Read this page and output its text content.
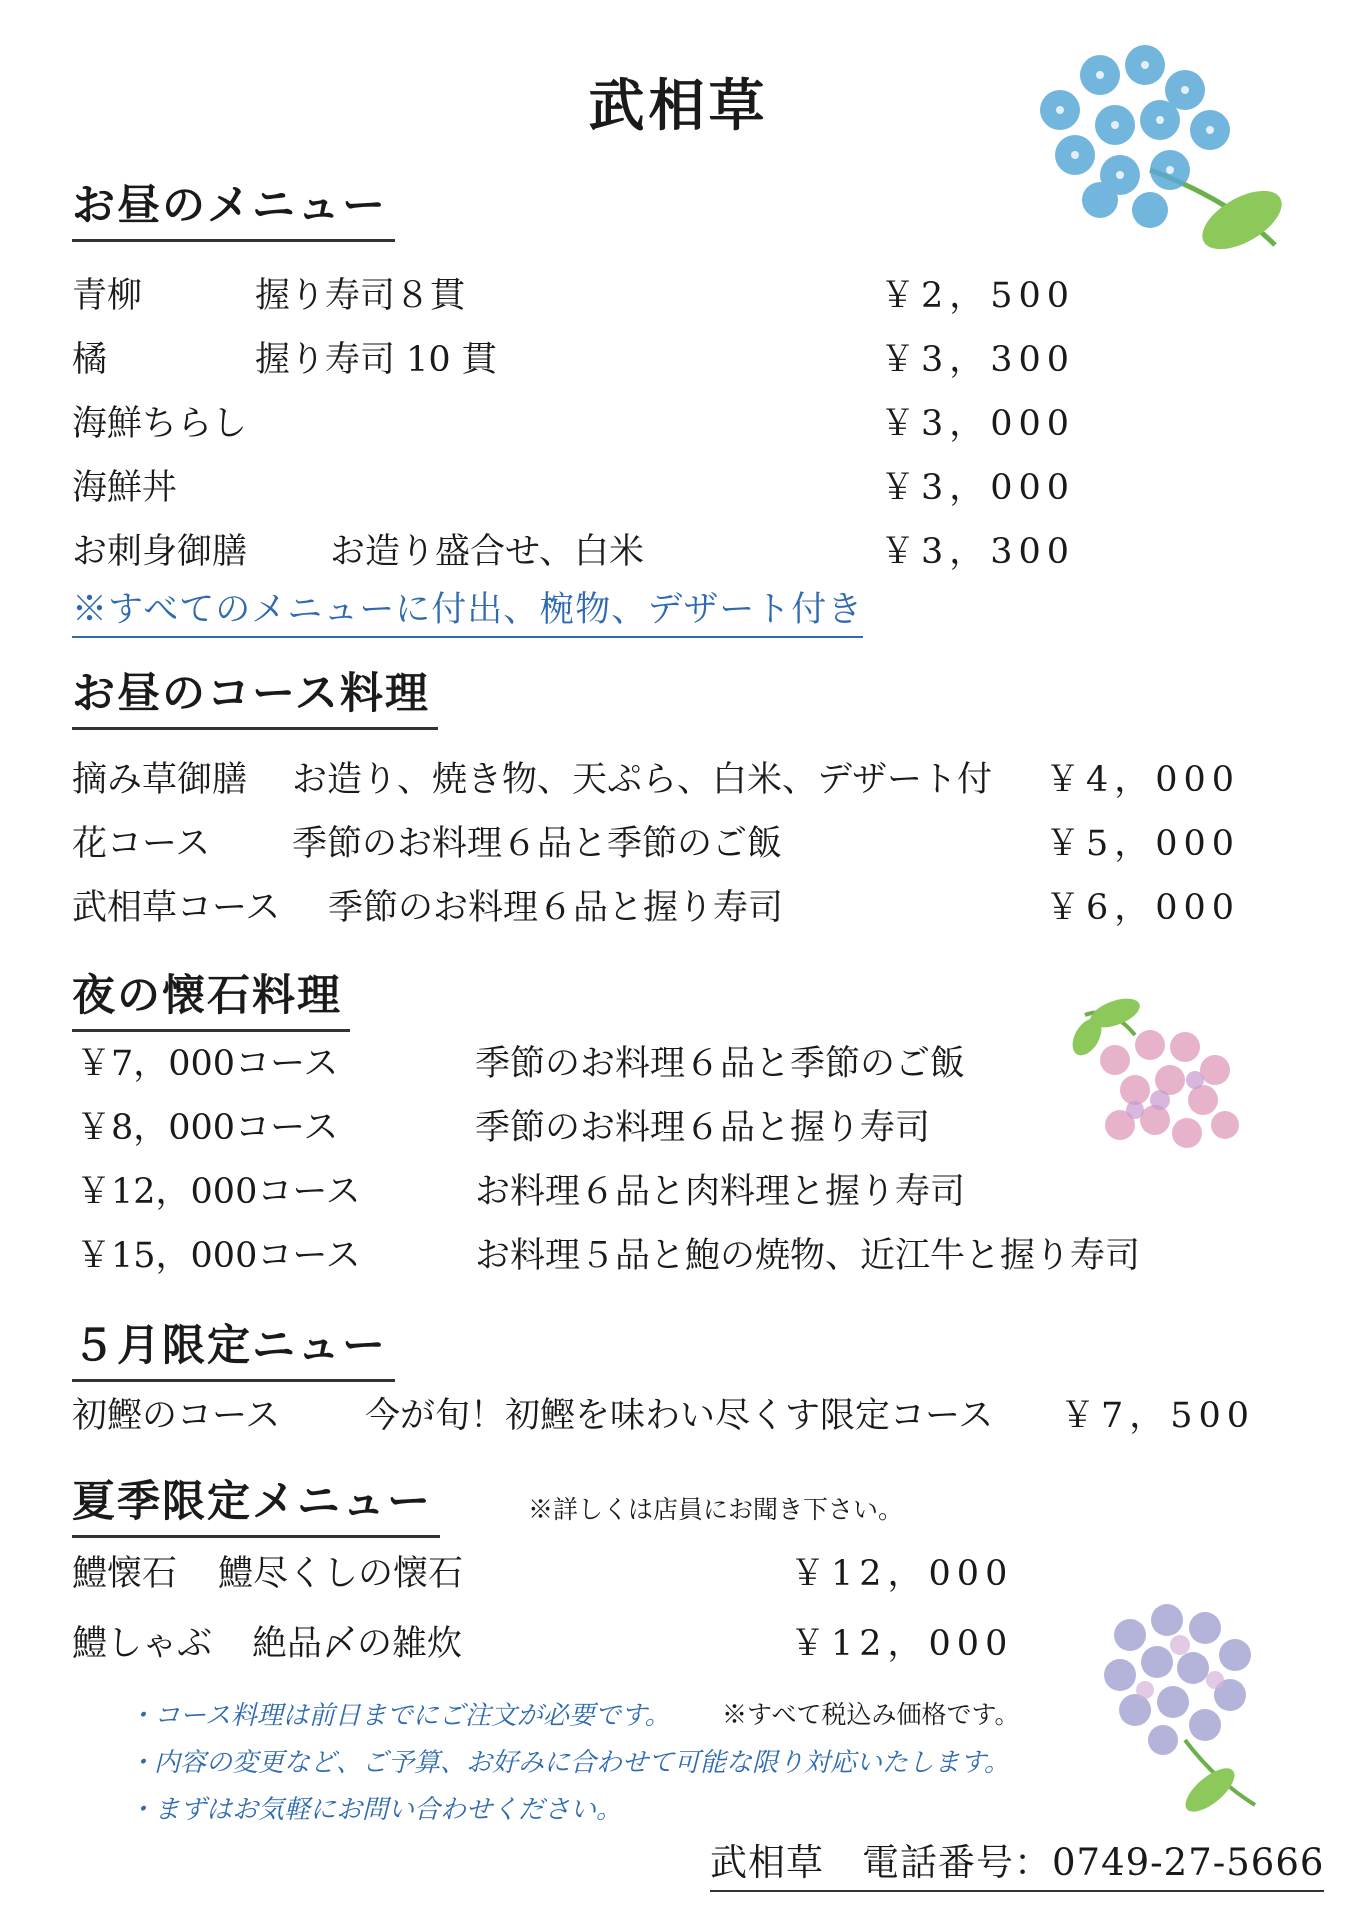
武相草
お昼のメニュー
青柳	握り寿司８貫	￥2，500
橘	握り寿司 10 貫	￥3，300
海鮮ちらし	￥3，000
海鮮丼	￥3，000
お刺身御膳 お造り盛合せ、白米	￥3，300
※すべてのメニューに付出、椀物、デザート付き
お昼のコース料理
摘み草御膳 お造り、焼き物、天ぷら、白米、デザート付 ￥4，000
花コース 季節のお料理６品と季節のご飯	￥5，000
武相草コース 季節のお料理６品と握り寿司	￥6，000
夜の懐石料理
￥7，000コース	季節のお料理６品と季節のご飯
￥8，000コース	季節のお料理６品と握り寿司
￥12，000コース	お料理６品と肉料理と握り寿司
￥15，000コース	お料理５品と鮑の焼物、近江牛と握り寿司
５月限定ニュー
初鰹のコース 今が旬！初鰹を味わい尽くす限定コース ￥7，500
夏季限定メニュー	※詳しくは店員にお聞き下さい。
鱧懐石 鱧尽くしの懐石	￥12，000
鱧しゃぶ 絶品〆の雑炊	￥12，000
・コース料理は前日までにご注文が必要です。 ※すべて税込み価格です。
・内容の変更など、ご予算、お好みに合わせて可能な限り対応いたします。
・まずはお気軽にお問い合わせください。
武相草　電話番号：0749-27-5666
